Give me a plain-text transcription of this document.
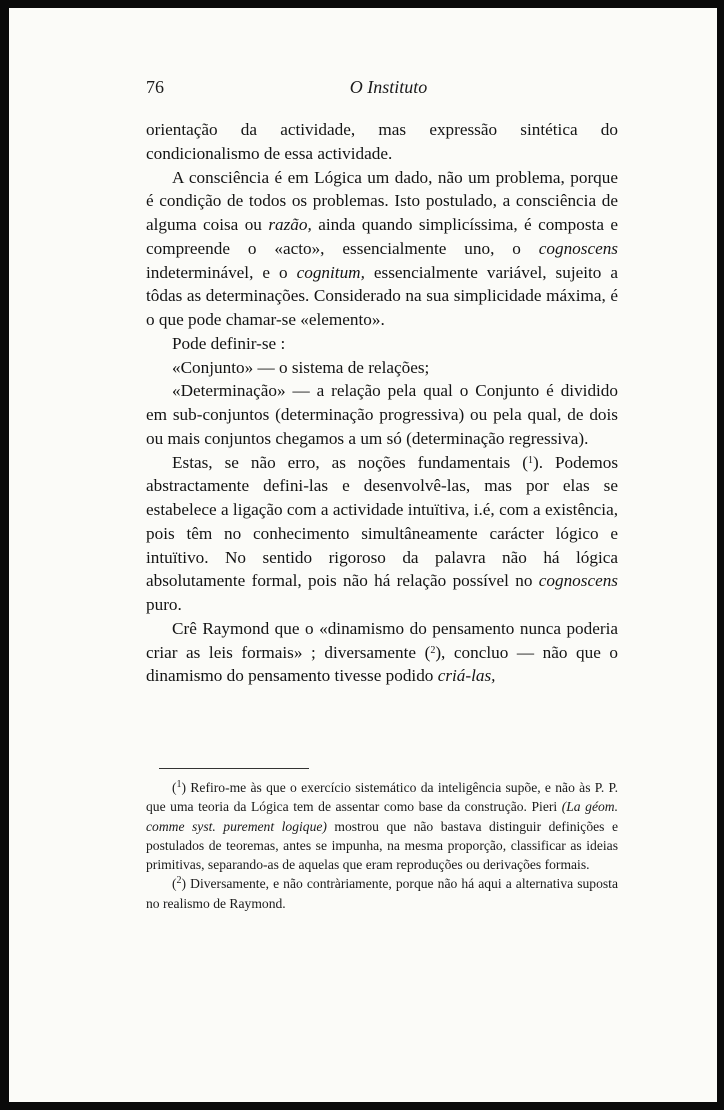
76	O Instituto

orientação da actividade, mas expressão sintética do condicionalismo de essa actividade.

A consciência é em Lógica um dado, não um problema, porque é condição de todos os problemas. Isto postulado, a consciência de alguma coisa ou razão, ainda quando simplicíssima, é composta e compreende o «acto», essencialmente uno, o cognoscens indeterminável, e o cognitum, essencialmente variável, sujeito a tôdas as determinações. Considerado na sua simplicidade máxima, é o que pode chamar-se «elemento».

Pode definir-se :

«Conjunto» — o sistema de relações;

«Determinação» — a relação pela qual o Conjunto é dividido em sub-conjuntos (determinação progressiva) ou pela qual, de dois ou mais conjuntos chegamos a um só (determinação regressiva).

Estas, se não erro, as noções fundamentais ($^1$). Podemos abstractamente defini-las e desenvolvê-las, mas por elas se estabelece a ligação com a actividade intuïtiva, i.é, com a existência, pois têm no conhecimento simultâneamente carácter lógico e intuïtivo. No sentido rigoroso da palavra não há lógica absolutamente formal, pois não há relação possível no cognoscens puro.

Crê Raymond que o «dinamismo do pensamento nunca poderia criar as leis formais» ; diversamente ($^2$), concluo — não que o dinamismo do pensamento tivesse podido criá-las,

($^1$) Refiro-me às que o exercício sistemático da inteligência supõe, e não às P. P. que uma teoria da Lógica tem de assentar como base da construção. Pieri (La géom. comme syst. purement logique) mostrou que não bastava distinguir definições e postulados de teoremas, antes se impunha, na mesma proporção, classificar as ideias primitivas, separando-as de aquelas que eram reproduções ou derivações formais.

($^2$) Diversamente, e não contràriamente, porque não há aqui a alternativa suposta no realismo de Raymond.
